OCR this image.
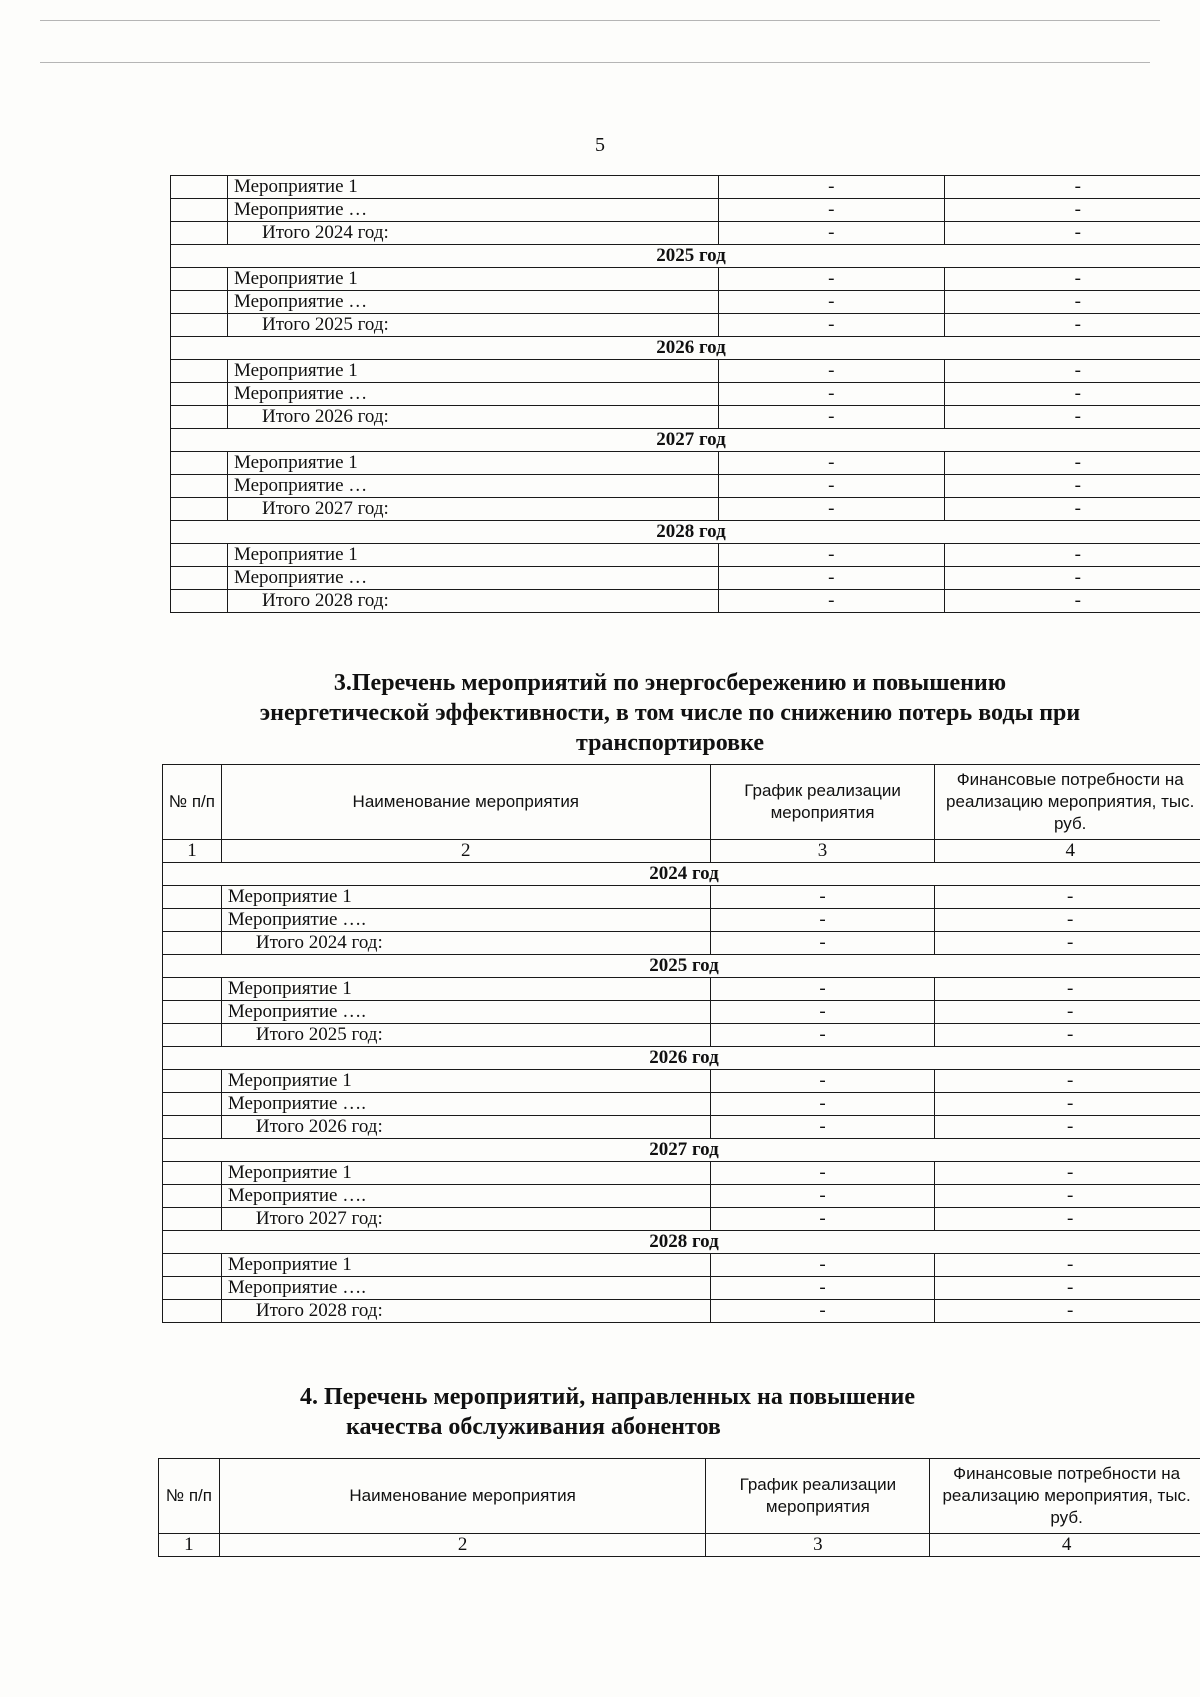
5
	Мероприятие 1	-	-
	Мероприятие …	-	-
	Итого 2024 год:	-	-
2025 год			
	Мероприятие 1	-	-
	Мероприятие …	-	-
	Итого 2025 год:	-	-
2026 год			
	Мероприятие 1	-	-
	Мероприятие …	-	-
	Итого 2026 год:	-	-
2027 год			
	Мероприятие 1	-	-
	Мероприятие …	-	-
	Итого 2027 год:	-	-
2028 год			
	Мероприятие 1	-	-
	Мероприятие …	-	-
	Итого 2028 год:	-	-
3.Перечень мероприятий по энергосбережению и повышению
энергетической эффективности, в том числе по снижению потерь воды при
транспортировке
№ п/п	Наименование мероприятия	График реализации мероприятия	Финансовые потребности на реализацию мероприятия, тыс. руб.
1	2	3	4
2024 год			
	Мероприятие 1	-	-
	Мероприятие ….	-	-
	Итого 2024 год:	-	-
2025 год			
	Мероприятие 1	-	-
	Мероприятие ….	-	-
	Итого 2025 год:	-	-
2026 год			
	Мероприятие 1	-	-
	Мероприятие ….	-	-
	Итого 2026 год:	-	-
2027 год			
	Мероприятие 1	-	-
	Мероприятие ….	-	-
	Итого 2027 год:	-	-
2028 год			
	Мероприятие 1	-	-
	Мероприятие ….	-	-
	Итого 2028 год:	-	-
4. Перечень мероприятий, направленных на повышение
качества обслуживания абонентов
№ п/п	Наименование мероприятия	График реализации мероприятия	Финансовые потребности на реализацию мероприятия, тыс. руб.
1	2	3	4
